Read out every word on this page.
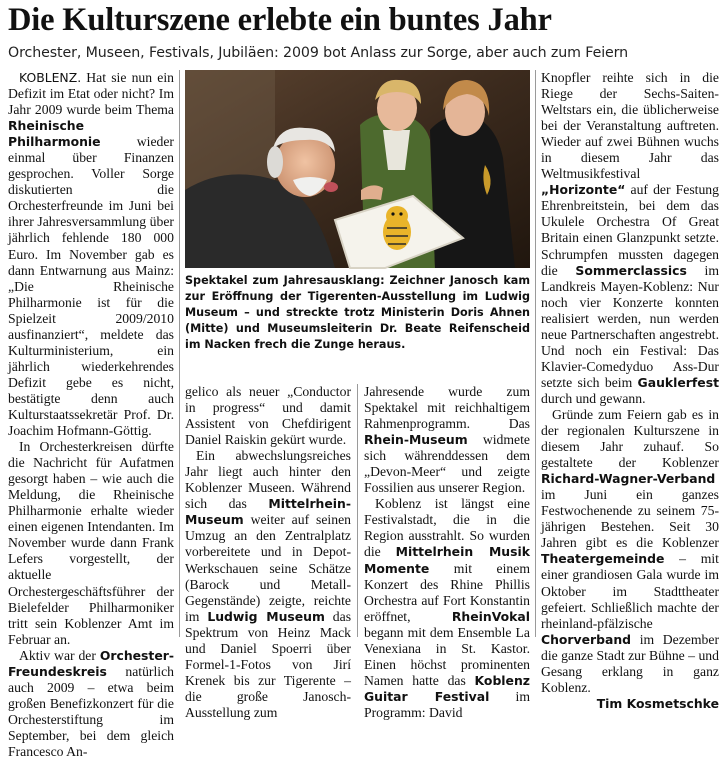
Die Kulturszene erlebte ein buntes Jahr
Orchester, Museen, Festivals, Jubiläen: 2009 bot Anlass zur Sorge, aber auch zum Feiern

KOBLENZ. Hat sie nun ein Defizit im Etat oder nicht? Im Jahr 2009 wurde beim Thema Rheinische Philharmonie wieder einmal über Finanzen gesprochen. Voller Sorge diskutierten die Orchesterfreunde im Juni bei ihrer Jahresversammlung über jährlich fehlende 180 000 Euro. Im November gab es dann Entwarnung aus Mainz: „Die Rheinische Philharmonie ist für die Spielzeit 2009/2010 ausfinanziert“, meldete das Kulturministerium, ein jährlich wiederkehrendes Defizit gebe es nicht, bestätigte denn auch Kulturstaatssekretär Prof. Dr. Joachim Hofmann-Göttig.

In Orchesterkreisen dürfte die Nachricht für Aufatmen gesorgt haben – wie auch die Meldung, die Rheinische Philharmonie erhalte wieder einen eigenen Intendanten. Im November wurde dann Frank Lefers vorgestellt, der aktuelle Orchestergeschäftsführer der Bielefelder Philharmoniker tritt sein Koblenzer Amt im Februar an.

Aktiv war der Orchester-Freundeskreis natürlich auch 2009 – etwa beim großen Benefizkonzert für die Orchesterstiftung im September, bei dem gleich Francesco An-

Spektakel zum Jahresausklang: Zeichner Janosch kam zur Eröffnung der Tigerenten-Ausstellung im Ludwig Museum – und streckte trotz Ministerin Doris Ahnen (Mitte) und Museumsleiterin Dr. Beate Reifenscheid im Nacken frech die Zunge heraus.

gelico als neuer „Conductor in progress“ und damit Assistent von Chefdirigent Daniel Raiskin gekürt wurde.

Ein abwechslungsreiches Jahr liegt auch hinter den Koblenzer Museen. Während sich das Mittelrhein-Museum weiter auf seinen Umzug an den Zentralplatz vorbereitete und in Depot-Werkschauen seine Schätze (Barock und Metall-Gegenstände) zeigte, reichte im Ludwig Museum das Spektrum von Heinz Mack und Daniel Spoerri über Formel-1-Fotos von Jirí Krenek bis zur Tigerente – die große Janosch-Ausstellung zum

Jahresende wurde zum Spektakel mit reichhaltigem Rahmenprogramm. Das Rhein-Museum widmete sich währenddessen dem „Devon-Meer“ und zeigte Fossilien aus unserer Region.

Koblenz ist längst eine Festivalstadt, die in die Region ausstrahlt. So wurden die Mittelrhein Musik Momente mit einem Konzert des Rhine Phillis Orchestra auf Fort Konstantin eröffnet, RheinVokal begann mit dem Ensemble La Venexiana in St. Kastor. Einen höchst prominenten Namen hatte das Koblenz Guitar Festival im Programm: David

Knopfler reihte sich in die Riege der Sechs-Saiten-Weltstars ein, die üblicherweise bei der Veranstaltung auftreten. Wieder auf zwei Bühnen wuchs in diesem Jahr das Weltmusikfestival „Horizonte“ auf der Festung Ehrenbreitstein, bei dem das Ukulele Orchestra Of Great Britain einen Glanzpunkt setzte. Schrumpfen mussten dagegen die Sommerclassics im Landkreis Mayen-Koblenz: Nur noch vier Konzerte konnten realisiert werden, nun werden neue Partnerschaften angestrebt. Und noch ein Festival: Das Klavier-Comedyduo Ass-Dur setzte sich beim Gauklerfest durch und gewann.

Gründe zum Feiern gab es in der regionalen Kulturszene in diesem Jahr zuhauf. So gestaltete der Koblenzer Richard-Wagner-Verband im Juni ein ganzes Festwochenende zu seinem 75-jährigen Bestehen. Seit 30 Jahren gibt es die Koblenzer Theatergemeinde – mit einer grandiosen Gala wurde im Oktober im Stadttheater gefeiert. Schließlich machte der rheinland-pfälzische Chorverband im Dezember die ganze Stadt zur Bühne – und Gesang erklang in ganz Koblenz.
Tim Kosmetschke
